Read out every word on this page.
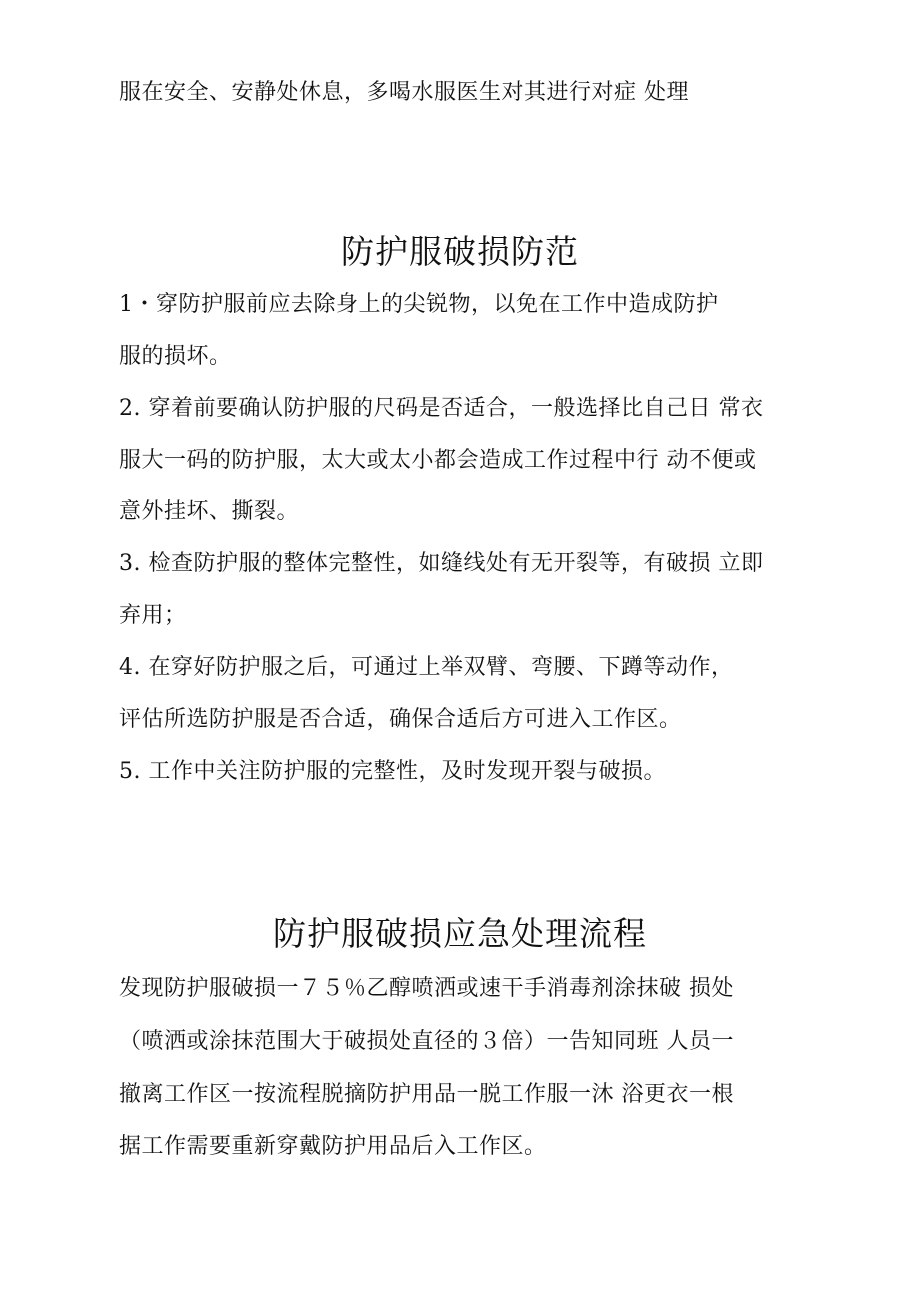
服在安全、安静处休息，多喝水服医生对其进行对症 处理
防护服破损防范
1・穿防护服前应去除身上的尖锐物，以免在工作中造成防护
服的损坏。
2. 穿着前要确认防护服的尺码是否适合，一般选择比自己日 常衣
服大一码的防护服，太大或太小都会造成工作过程中行 动不便或
意外挂坏、撕裂。
3. 检查防护服的整体完整性，如缝线处有无开裂等，有破损 立即
弃用；
4. 在穿好防护服之后，可通过上举双臂、弯腰、下蹲等动作，
评估所选防护服是否合适，确保合适后方可进入工作区。
5. 工作中关注防护服的完整性，及时发现开裂与破损。
防护服破损应急处理流程
发现防护服破损一７５％乙醇喷洒或速干手消毒剂涂抹破 损处
（喷洒或涂抹范围大于破损处直径的３倍）一告知同班 人员一
撤离工作区一按流程脱摘防护用品一脱工作服一沐 浴更衣一根
据工作需要重新穿戴防护用品后入工作区。
